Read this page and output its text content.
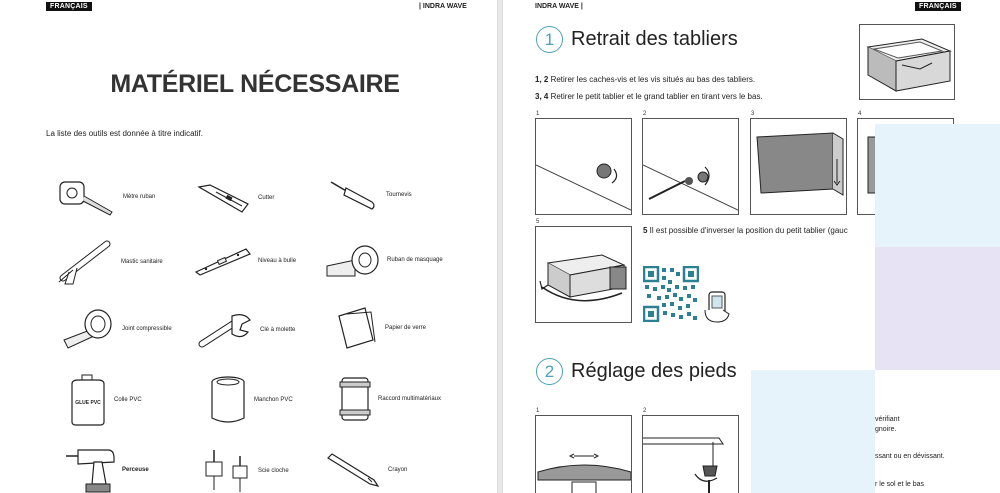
FRANÇAIS	| INDRA WAVE
MATÉRIEL NÉCESSAIRE
La liste des outils est donnée à titre indicatif.
Mètre ruban	Cutter	Tournevis
Mastic sanitaire	Niveau à bulle	Ruban de masquage
Joint compressible	Clé à molette	Papier de verre
GLUE PVC Colle PVC	Manchon PVC	Raccord multimatériaux
Perceuse	Scie cloche	Crayon
INDRA WAVE |	FRANÇAIS
1 Retrait des tabliers
1, 2 Retirer les caches-vis et les vis situés au bas des tabliers.
3, 4 Retirer le petit tablier et le grand tablier en tirant vers le bas.
1	2	3	4
5
5 Il est possible d'inverser la position du petit tablier (gauc
2 Réglage des pieds
1	2
vérifiant
gnoire.
ssant ou en dévissant.
r le sol et le bas
